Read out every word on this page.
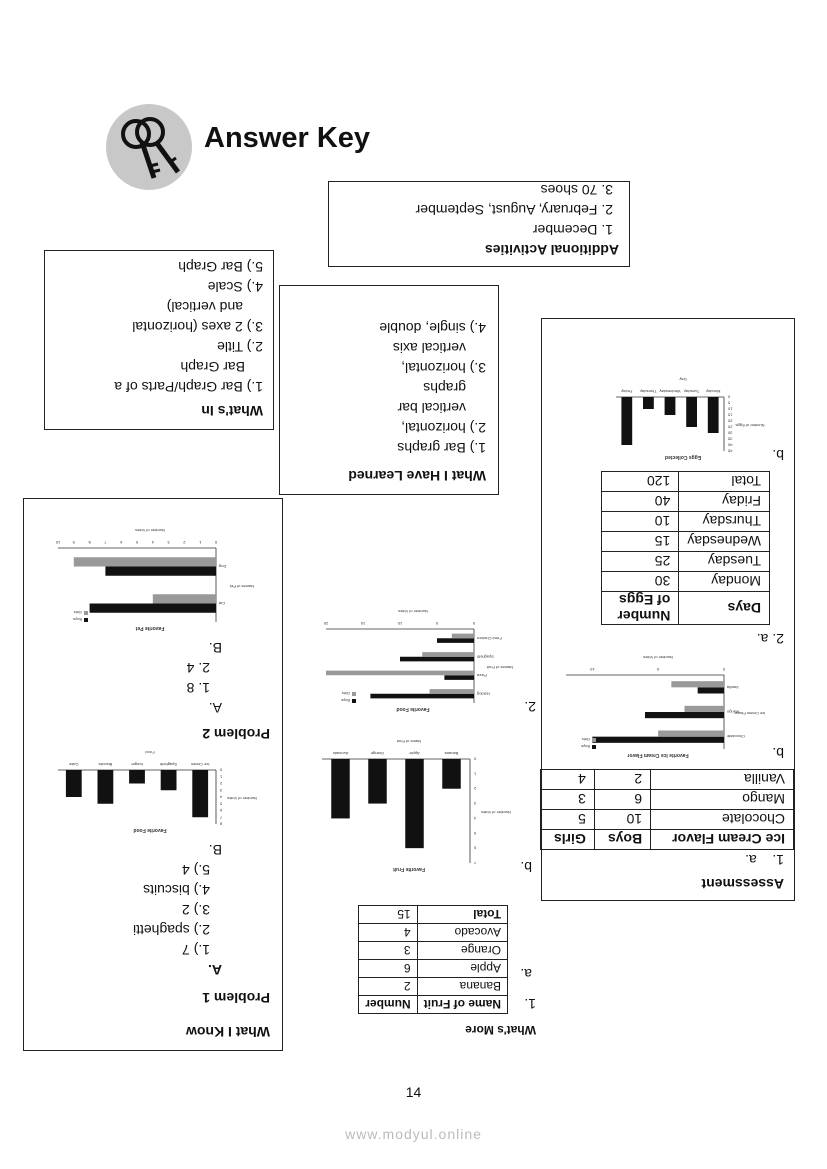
Answer Key
Additional Activities
1. December
2. February, August, September
3. 70 shoes
What's In
1.) Bar Graph/Parts of a
Bar Graph
2.) Title
3.) 2 axes (horizontal
and vertical)
4.) Scale
5.) Bar Graph
What I Have Learned
1.) Bar graphs
2.) horizontal,
vertical bar
graphs
3.) horizontal,
vertical axis
4.) single, double
What I Know
Problem 1
A.
1.) 7
2.) spaghetti
3.) 2
4.) biscuits
5.) 4
B.
Favorite Food
Food
Number of Votes
Ice Cream
Spaghetti
burger
Biscuits
Cake
0
1
2
3
4
5
6
7
8
Problem 2
A.
1. 8
2. 4
B.
Favorite Pet
Number of Votes
Names of Pet
Cat
Dog
0
1
2
3
4
5
6
7
8
9
10
Boys
Girls
What's More
1.
a.
Name of Fruit	Number
Banana	2
Apple	6
Orange	3
Avocado	4
Total	15
b.
Favorite Fruit
Name of Fruit
Number of Votes
Banana
Apple
Orange
Avocado
0
1
2
3
4
5
6
7
2.
Favorite Food
Number of Votes
Names of Fruit
Hotdog
Pizza
Spaghetti
Fried Chicken
0
5
10
15
20
Boys
Girls
Assessment
1.    a.
Ice Cream Flavor	Boys	Girls
Chocolate	10	5
Mango	6	3
Vanilla	2	4
b.
Favorite Ice Cream Flavor
Number of Votes
Ice Cream Flavor
Chocolate
Mango
Vanilla
0
5
10
Boys
Girls
2. a.
Days	Number of Eggs
Monday	30
Tuesday	25
Wednesday	15
Thursday	10
Friday	40
Total	120
b.
Eggs Collected
Day
Number of Eggs
Monday
Tuesday
Wednesday
Thursday
Friday
0
5
10
15
20
25
30
35
40
45
14
www.modyul.online
